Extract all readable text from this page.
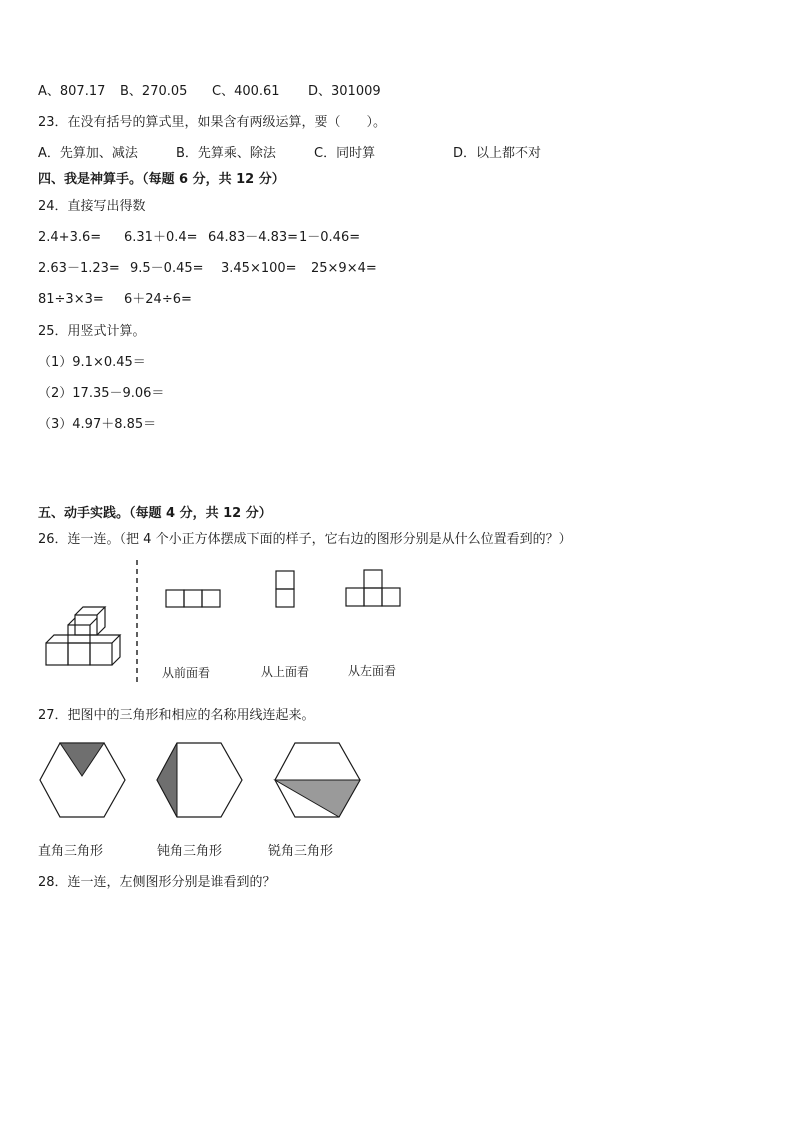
A、807.17 B、270.05 C、400.61 D、301009
23．在没有括号的算式里，如果含有两级运算，要（　　）。
A．先算加、减法	B．先算乘、除法	C．同时算	D．以上都不对
四、我是神算手。（每题 6 分，共 12 分）
24．直接写出得数
2.4+3.6= 6.31＋0.4= 64.83－4.83= 1－0.46=
2.63－1.23= 9.5－0.45= 3.45×100= 25×9×4=
81÷3×3= 6＋24÷6=
25．用竖式计算。
（1）9.1×0.45＝
（2）17.35－9.06＝
（3）4.97＋8.85＝
五、动手实践。（每题 4 分，共 12 分）
26．连一连。（把 4 个小正方体摆成下面的样子，它右边的图形分别是从什么位置看到的？）
从前面看	从上面看	从左面看
27．把图中的三角形和相应的名称用线连起来。
直角三角形	钝角三角形	锐角三角形
28．连一连，左侧图形分别是谁看到的？
